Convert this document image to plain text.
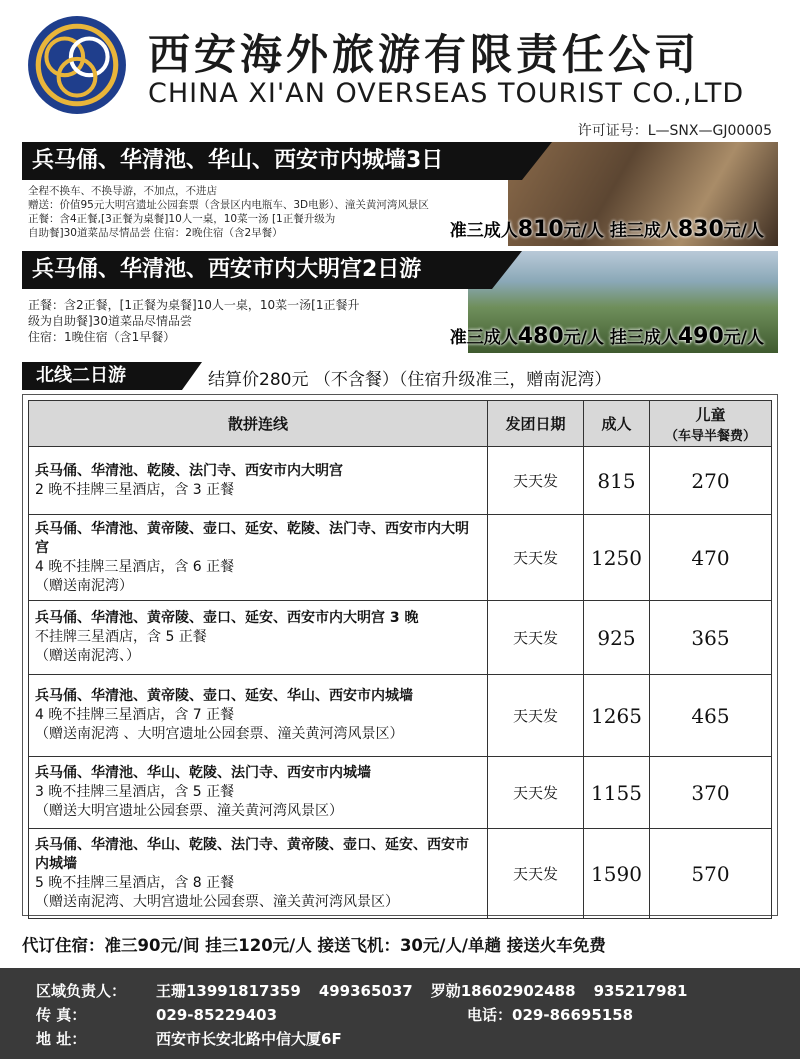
西安海外旅游有限责任公司
CHINA XI'AN OVERSEAS TOURIST CO.,LTD
许可证号：L—SNX—GJ00005
兵马俑、华清池、华山、西安市内城墙3日
全程不换车、不换导游，不加点，不进店
赠送：价值95元大明宫遗址公园套票（含景区内电瓶车、3D电影）、潼关黄河湾风景区
正餐：含4正餐,[3正餐为桌餐]10人一桌，10菜一汤 [1正餐升级为
自助餐]30道菜品尽情品尝 住宿：2晚住宿（含2早餐）	准三成人810元/人 挂三成人830元/人
兵马俑、华清池、西安市内大明宫2日游
正餐：含2正餐，[1正餐为桌餐]10人一桌，10菜一汤[1正餐升
级为自助餐]30道菜品尽情品尝
住宿：1晚住宿（含1早餐）	准三成人480元/人 挂三成人490元/人
北线二日游	结算价280元 （不含餐）（住宿升级准三，赠南泥湾）
散拼连线	发团日期	成人	儿童
（车导半餐费）

兵马俑、华清池、乾陵、法门寺、西安市内大明宫
2 晚不挂牌三星酒店，含 3 正餐	天天发	815	270

兵马俑、华清池、黄帝陵、壶口、延安、乾陵、法门寺、西安市内大明宫
4 晚不挂牌三星酒店，含 6 正餐
（赠送南泥湾）	天天发	1250	470

兵马俑、华清池、黄帝陵、壶口、延安、西安市内大明宫 3 晚
不挂牌三星酒店，含 5 正餐
（赠送南泥湾、）	天天发	925	365

兵马俑、华清池、黄帝陵、壶口、延安、华山、西安市内城墙
4 晚不挂牌三星酒店，含 7 正餐
（赠送南泥湾 、大明宫遗址公园套票、潼关黄河湾风景区）	天天发	1265	465

兵马俑、华清池、华山、乾陵、法门寺、西安市内城墙
3 晚不挂牌三星酒店，含 5 正餐
（赠送大明宫遗址公园套票、潼关黄河湾风景区）	天天发	1155	370

兵马俑、华清池、华山、乾陵、法门寺、黄帝陵、壶口、延安、西安市内城墙
5 晚不挂牌三星酒店，含 8 正餐
（赠送南泥湾、大明宫遗址公园套票、潼关黄河湾风景区）	天天发	1590	570
代订住宿：准三90元/间 挂三120元/人 接送飞机：30元/人/单趟 接送火车免费
区域负责人： 王珊13991817359 499365037 罗勍18602902488 935217981
传 真：	029-85229403	电话：029-86695158
地 址：	西安市长安北路中信大厦6F
